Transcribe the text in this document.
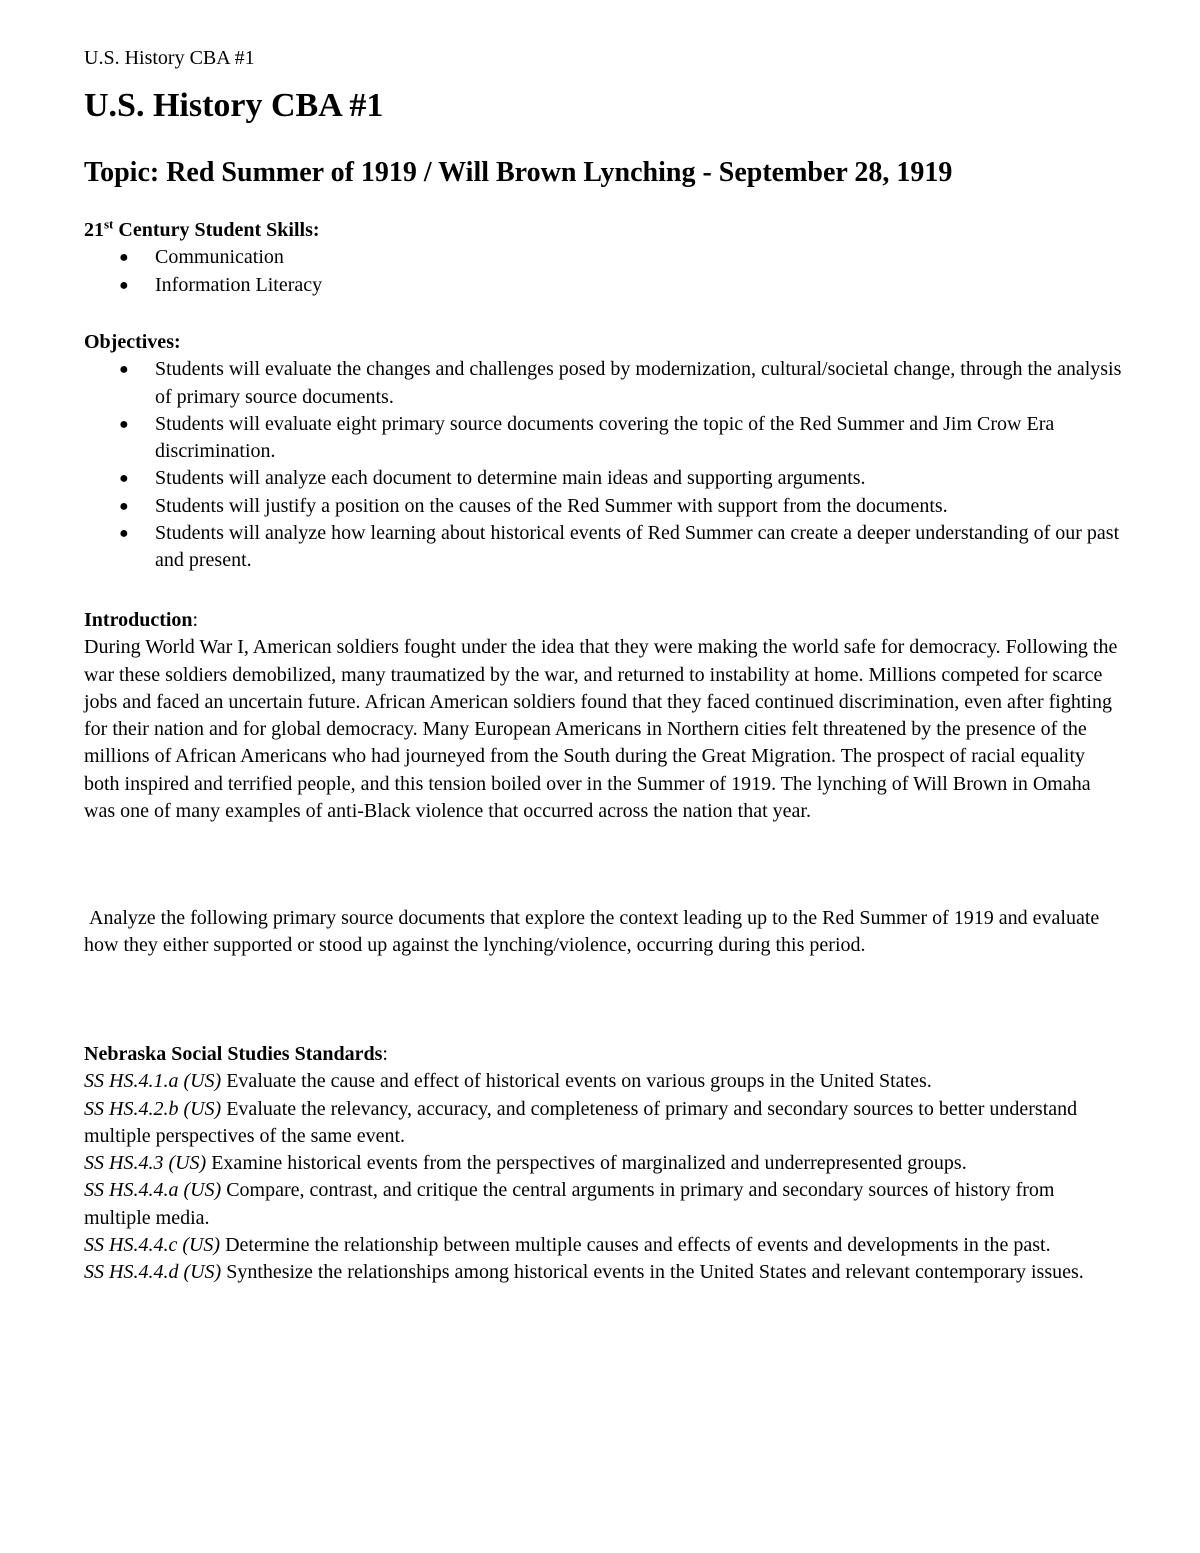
U.S. History CBA #1
U.S. History CBA #1
Topic: Red Summer of 1919 / Will Brown Lynching - September 28, 1919
21st Century Student Skills:
● Communication
● Information Literacy
Objectives:
● Students will evaluate the changes and challenges posed by modernization, cultural/societal change, through the analysis of primary source documents.
● Students will evaluate eight primary source documents covering the topic of the Red Summer and Jim Crow Era discrimination.
● Students will analyze each document to determine main ideas and supporting arguments.
● Students will justify a position on the causes of the Red Summer with support from the documents.
● Students will analyze how learning about historical events of Red Summer can create a deeper understanding of our past and present.
Introduction:

During World War I, American soldiers fought under the idea that they were making the world safe for democracy. Following the war these soldiers demobilized, many traumatized by the war, and returned to instability at home. Millions competed for scarce jobs and faced an uncertain future. African American soldiers found that they faced continued discrimination, even after fighting for their nation and for global democracy. Many European Americans in Northern cities felt threatened by the presence of the millions of African Americans who had journeyed from the South during the Great Migration. The prospect of racial equality both inspired and terrified people, and this tension boiled over in the Summer of 1919. The lynching of Will Brown in Omaha was one of many examples of anti-Black violence that occurred across the nation that year.

Analyze the following primary source documents that explore the context leading up to the Red Summer of 1919 and evaluate how they either supported or stood up against the lynching/violence, occurring during this period.

Nebraska Social Studies Standards:

SS HS.4.1.a (US) Evaluate the cause and effect of historical events on various groups in the United States.

SS HS.4.2.b (US) Evaluate the relevancy, accuracy, and completeness of primary and secondary sources to better understand multiple perspectives of the same event.

SS HS.4.3 (US) Examine historical events from the perspectives of marginalized and underrepresented groups.

SS HS.4.4.a (US) Compare, contrast, and critique the central arguments in primary and secondary sources of history from multiple media.

SS HS.4.4.c (US) Determine the relationship between multiple causes and effects of events and developments in the past.

SS HS.4.4.d (US) Synthesize the relationships among historical events in the United States and relevant contemporary issues.
